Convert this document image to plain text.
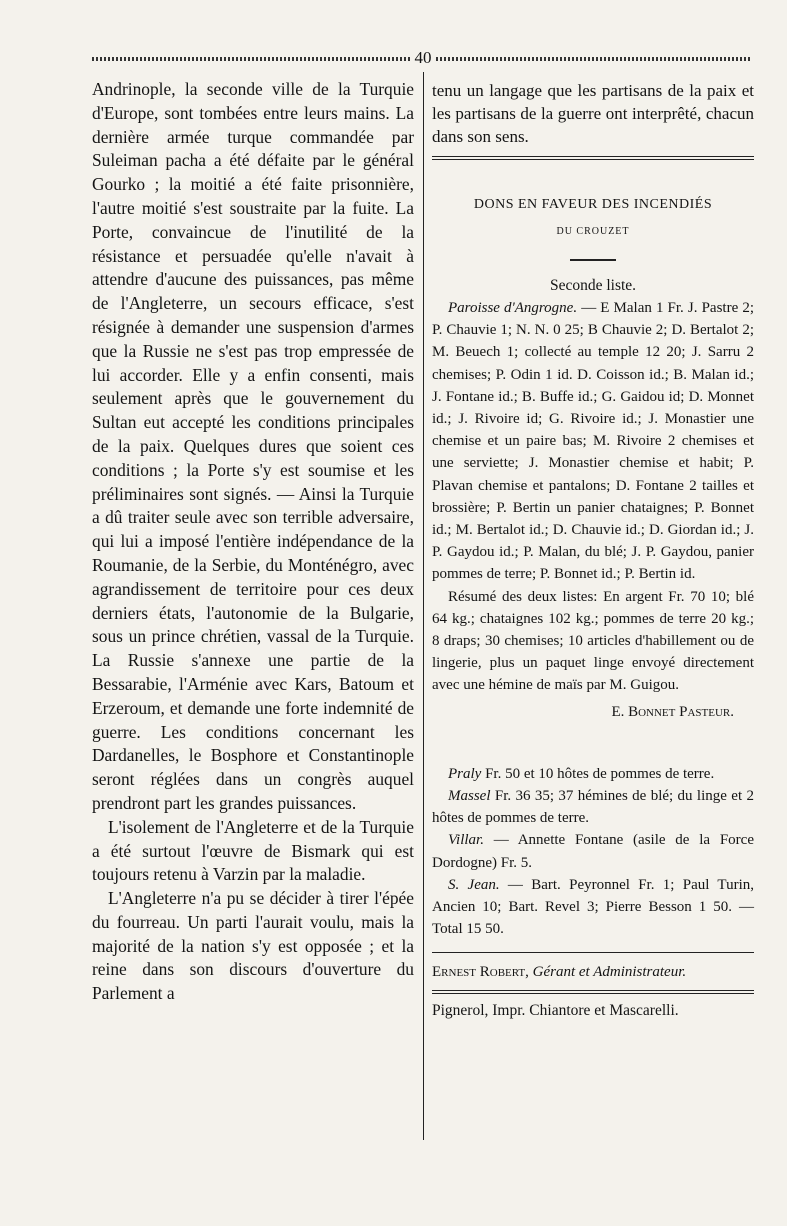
40

Andrinople, la seconde ville de la Turquie d'Europe, sont tombées entre leurs mains. La dernière armée turque commandée par Suleiman pacha a été défaite par le général Gourko ; la moitié a été faite prisonnière, l'autre moitié s'est soustraite par la fuite. La Porte, convaincue de l'inutilité de la résistance et persuadée qu'elle n'avait à attendre d'aucune des puissances, pas même de l'Angleterre, un secours efficace, s'est résignée à demander une suspension d'armes que la Russie ne s'est pas trop empressée de lui accorder. Elle y a enfin consenti, mais seulement après que le gouvernement du Sultan eut accepté les conditions principales de la paix. Quelques dures que soient ces conditions ; la Porte s'y est soumise et les préliminaires sont signés. — Ainsi la Turquie a dû traiter seule avec son terrible adversaire, qui lui a imposé l'entière indépendance de la Roumanie, de la Serbie, du Monténégro, avec agrandissement de territoire pour ces deux derniers états, l'autonomie de la Bulgarie, sous un prince chrétien, vassal de la Turquie. La Russie s'annexe une partie de la Bessarabie, l'Arménie avec Kars, Batoum et Erzeroum, et demande une forte indemnité de guerre. Les conditions concernant les Dardanelles, le Bosphore et Constantinople seront réglées dans un congrès auquel prendront part les grandes puissances.

L'isolement de l'Angleterre et de la Turquie a été surtout l'œuvre de Bismark qui est toujours retenu à Varzin par la maladie.

L'Angleterre n'a pu se décider à tirer l'épée du fourreau. Un parti l'aurait voulu, mais la majorité de la nation s'y est opposée ; et la reine dans son discours d'ouverture du Parlement a

tenu un langage que les partisans de la paix et les partisans de la guerre ont interprêté, chacun dans son sens.

DONS EN FAVEUR DES INCENDIÉS
DU CROUZET
Seconde liste.

Paroisse d'Angrogne. — E Malan 1 Fr. J. Pastre 2; P. Chauvie 1; N. N. 0 25; B Chauvie 2; D. Bertalot 2; M. Beuech 1; collecté au temple 12 20; J. Sarru 2 chemises; P. Odin 1 id. D. Coisson id.; B. Malan id.; J. Fontane id.; B. Buffe id.; G. Gaidou id; D. Monnet id.; J. Rivoire id; G. Rivoire id.; J. Monastier une chemise et un paire bas; M. Rivoire 2 chemises et une serviette; J. Monastier chemise et habit; P. Plavan chemise et pantalons; D. Fontane 2 tailles et brossière; P. Bertin un panier chataignes; P. Bonnet id.; M. Bertalot id.; D. Chauvie id.; D. Giordan id.; J. P. Gaydou id.; P. Malan, du blé; J. P. Gaydou, panier pommes de terre; P. Bonnet id.; P. Bertin id.

Résumé des deux listes: En argent Fr. 70 10; blé 64 kg.; chataignes 102 kg.; pommes de terre 20 kg.; 8 draps; 30 chemises; 10 articles d'habillement ou de lingerie, plus un paquet linge envoyé directement avec une hémine de maïs par M. Guigou.

E. Bonnet Pasteur.

Praly Fr. 50 et 10 hôtes de pommes de terre.

Massel Fr. 36 35; 37 hémines de blé; du linge et 2 hôtes de pommes de terre.

Villar. — Annette Fontane (asile de la Force Dordogne) Fr. 5.

S. Jean. — Bart. Peyronnel Fr. 1; Paul Turin, Ancien 10; Bart. Revel 3; Pierre Besson 1 50. — Total 15 50.

Ernest Robert, Gérant et Administrateur.

Pignerol, Impr. Chiantore et Mascarelli.
